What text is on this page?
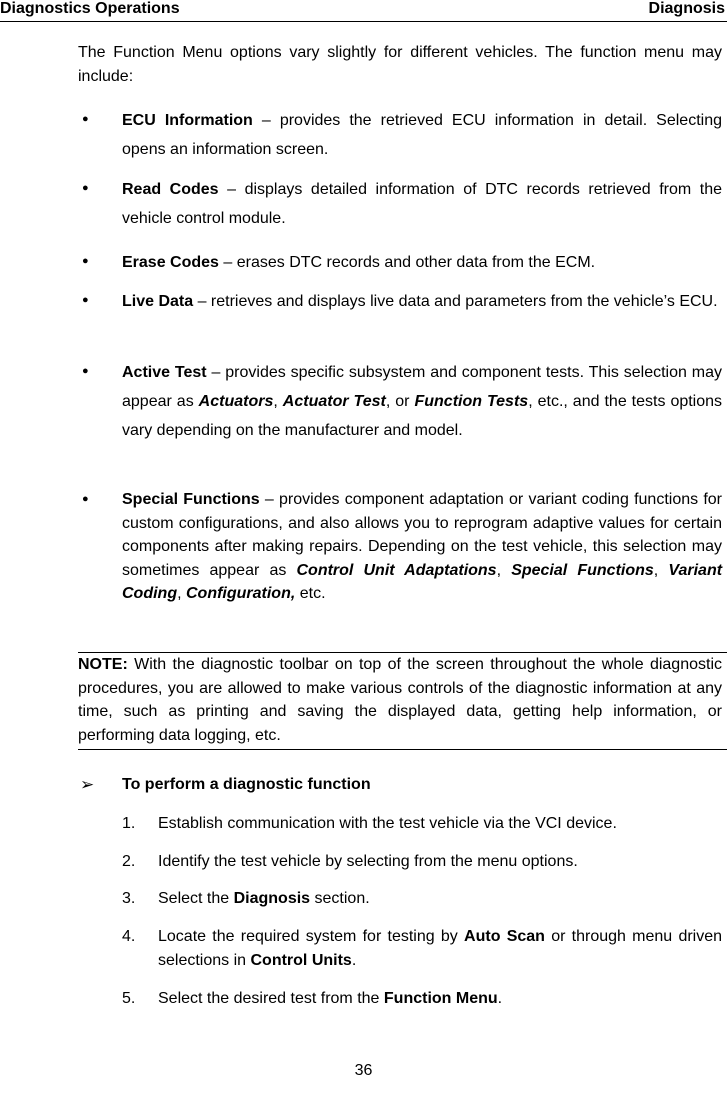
Diagnostics Operations	Diagnosis
The Function Menu options vary slightly for different vehicles. The function menu may include:
● ECU Information – provides the retrieved ECU information in detail. Selecting opens an information screen.
● Read Codes – displays detailed information of DTC records retrieved from the vehicle control module.
● Erase Codes – erases DTC records and other data from the ECM.
● Live Data – retrieves and displays live data and parameters from the vehicle’s ECU.
● Active Test – provides specific subsystem and component tests. This selection may appear as Actuators, Actuator Test, or Function Tests, etc., and the tests options vary depending on the manufacturer and model.
● Special Functions – provides component adaptation or variant coding functions for custom configurations, and also allows you to reprogram adaptive values for certain components after making repairs. Depending on the test vehicle, this selection may sometimes appear as Control Unit Adaptations, Special Functions, Variant Coding, Configuration, etc.
NOTE: With the diagnostic toolbar on top of the screen throughout the whole diagnostic procedures, you are allowed to make various controls of the diagnostic information at any time, such as printing and saving the displayed data, getting help information, or performing data logging, etc.
➢ To perform a diagnostic function
1. Establish communication with the test vehicle via the VCI device.
2. Identify the test vehicle by selecting from the menu options.
3. Select the Diagnosis section.
4. Locate the required system for testing by Auto Scan or through menu driven selections in Control Units.
5. Select the desired test from the Function Menu.
36
